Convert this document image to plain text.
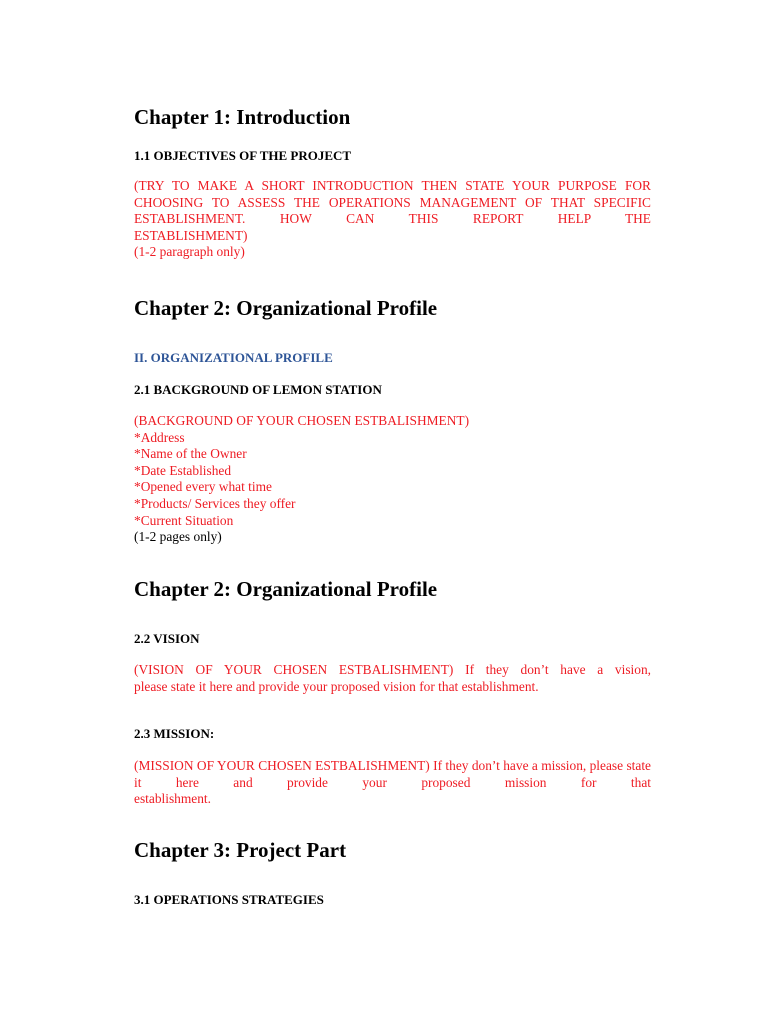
Chapter 1: Introduction
1.1 OBJECTIVES OF THE PROJECT
(TRY TO MAKE A SHORT INTRODUCTION THEN STATE YOUR PURPOSE FOR CHOOSING TO ASSESS THE OPERATIONS MANAGEMENT OF THAT SPECIFIC ESTABLISHMENT. HOW CAN THIS REPORT HELP THE
ESTABLISHMENT)
(1-2 paragraph only)
Chapter 2: Organizational Profile
II. ORGANIZATIONAL PROFILE
2.1 BACKGROUND OF LEMON STATION
(BACKGROUND OF YOUR CHOSEN ESTBALISHMENT)
*Address
*Name of the Owner
*Date Established
*Opened every what time
*Products/ Services they offer
*Current Situation
(1-2 pages only)
Chapter 2: Organizational Profile
2.2 VISION
(VISION OF YOUR CHOSEN ESTBALISHMENT) If they don’t have a vision,
please state it here and provide your proposed vision for that establishment.
2.3 MISSION:
(MISSION OF YOUR CHOSEN ESTBALISHMENT) If they don’t have a mission, please state it here and provide your proposed mission for that
establishment.
Chapter 3: Project Part
3.1 OPERATIONS STRATEGIES
